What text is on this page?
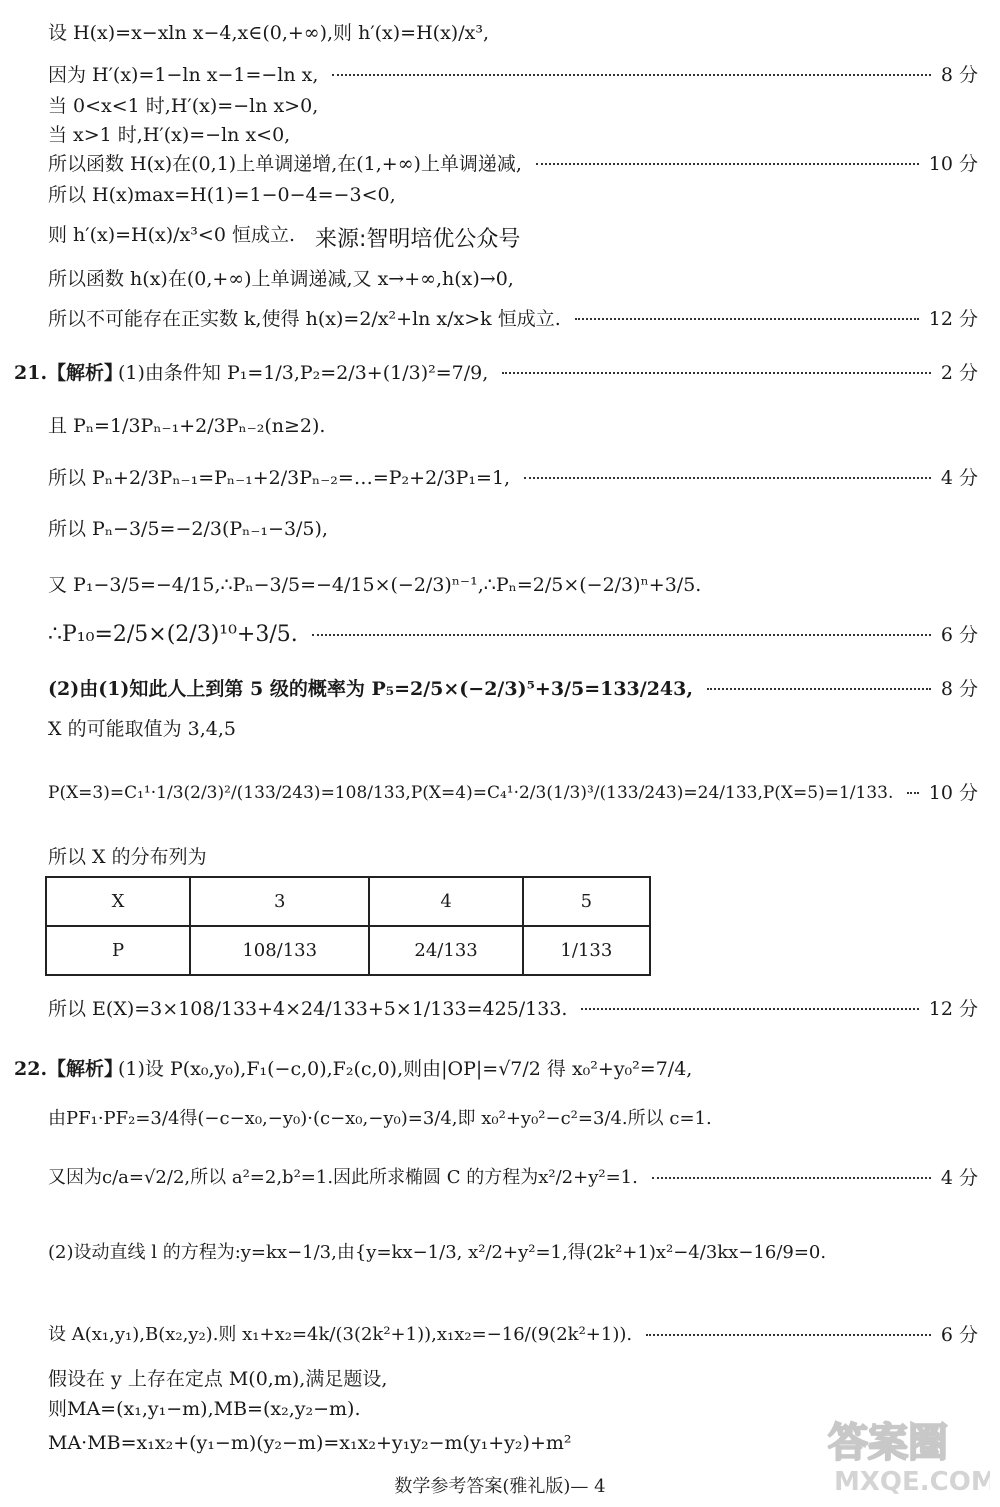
设 H(x)=x−xln x−4,x∈(0,+∞),则 h′(x)=H(x)/x³,
因为 H′(x)=1−ln x−1=−ln x,	8 分
当 0<x<1 时,H′(x)=−ln x>0,
当 x>1 时,H′(x)=−ln x<0,
所以函数 H(x)在(0,1)上单调递增,在(1,+∞)上单调递减,	10 分
所以 H(x)max=H(1)=1−0−4=−3<0,
则 h′(x)=H(x)/x³<0 恒成立. 来源:智明培优公众号
所以函数 h(x)在(0,+∞)上单调递减,又 x→+∞,h(x)→0,
所以不可能存在正实数 k,使得 h(x)=2/x²+ln x/x>k 恒成立.	12 分
21.【解析】
(1)由条件知 P₁=1/3,P₂=2/3+(1/3)²=7/9,	2 分
且 Pₙ=1/3Pₙ₋₁+2/3Pₙ₋₂(n≥2).
所以 Pₙ+2/3Pₙ₋₁=Pₙ₋₁+2/3Pₙ₋₂=…=P₂+2/3P₁=1,	4 分
所以 Pₙ−3/5=−2/3(Pₙ₋₁−3/5),
又 P₁−3/5=−4/15,∴Pₙ−3/5=−4/15×(−2/3)ⁿ⁻¹,∴Pₙ=2/5×(−2/3)ⁿ+3/5.
∴P₁₀=2/5×(2/3)¹⁰+3/5.	6 分
(2)由(1)知此人上到第 5 级的概率为 P₅=2/5×(−2/3)⁵+3/5=133/243,	8 分
X 的可能取值为 3,4,5
P(X=3)=C₁¹·1/3(2/3)²/(133/243)=108/133,P(X=4)=C₄¹·2/3(1/3)³/(133/243)=24/133,P(X=5)=1/133. 10 分
所以 X 的分布列为
X	3	4	5
P	108/133	24/133	1/133
所以 E(X)=3×108/133+4×24/133+5×1/133=425/133.	12 分
22.【解析】
(1)设 P(x₀,y₀),F₁(−c,0),F₂(c,0),则由|OP|=√7/2 得 x₀²+y₀²=7/4,
由PF₁·PF₂=3/4得(−c−x₀,−y₀)·(c−x₀,−y₀)=3/4,即 x₀²+y₀²−c²=3/4.所以 c=1.
又因为c/a=√2/2,所以 a²=2,b²=1.因此所求椭圆 C 的方程为x²/2+y²=1.	4 分
(2)设动直线 l 的方程为:y=kx−1/3,由{y=kx−1/3, x²/2+y²=1,得(2k²+1)x²−4/3kx−16/9=0.
设 A(x₁,y₁),B(x₂,y₂).则 x₁+x₂=4k/(3(2k²+1)),x₁x₂=−16/(9(2k²+1)).	6 分
假设在 y 上存在定点 M(0,m),满足题设,
则MA=(x₁,y₁−m),MB=(x₂,y₂−m).
MA·MB=x₁x₂+(y₁−m)(y₂−m)=x₁x₂+y₁y₂−m(y₁+y₂)+m²	答案圈
MXQE.COM
数学参考答案(雅礼版)— 4
